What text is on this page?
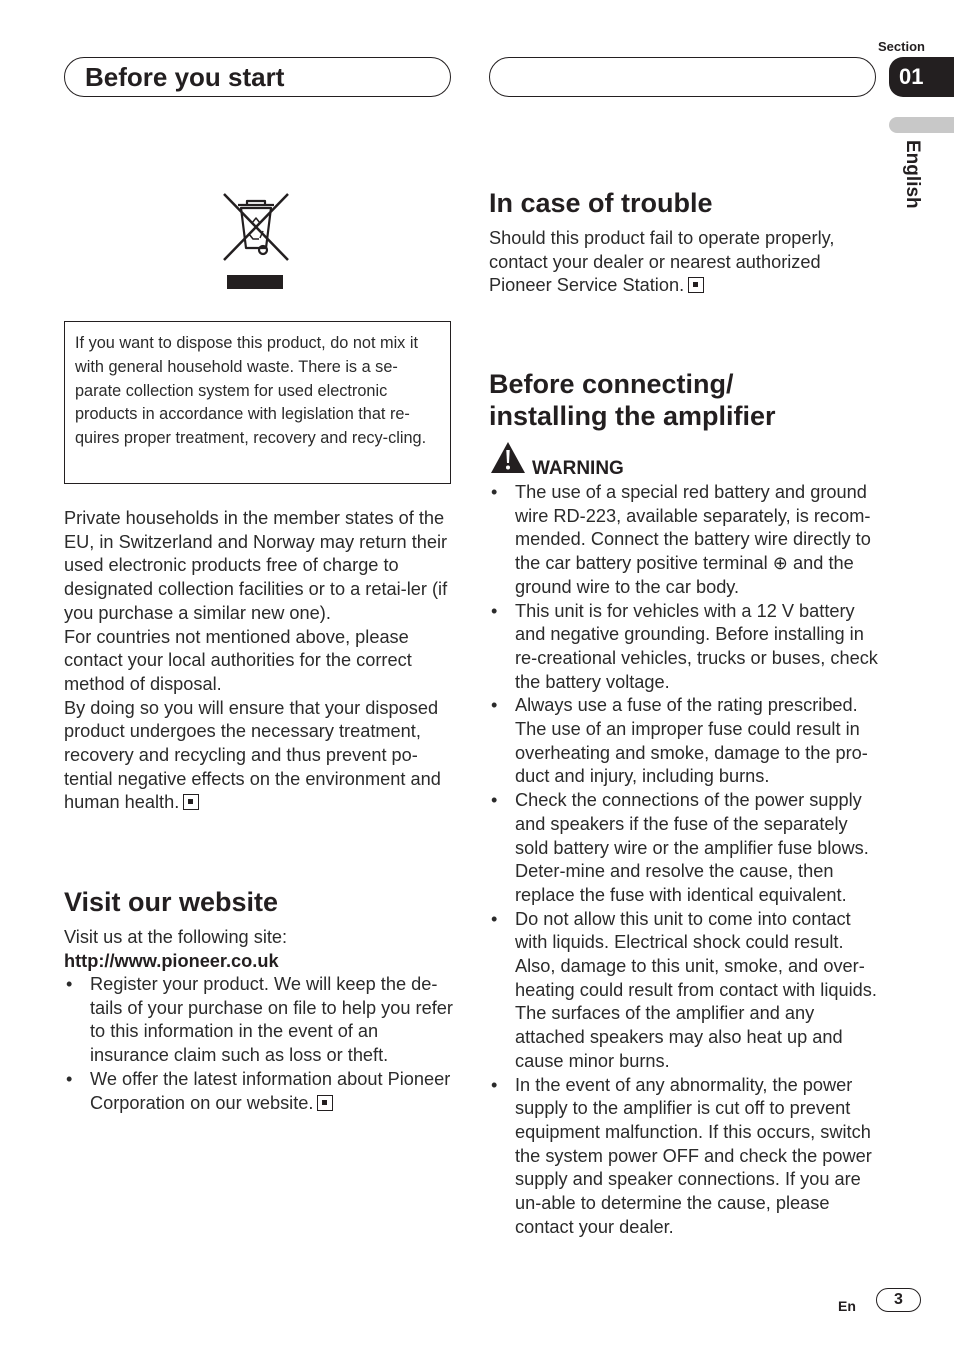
Before you start
Section
01
English

If you want to dispose this product, do not mix it with general household waste. There is a se-parate collection system for used electronic products in accordance with legislation that re-quires proper treatment, recovery and recy-cling.

Private households in the member states of the EU, in Switzerland and Norway may return their used electronic products free of charge to designated collection facilities or to a retai-ler (if you purchase a similar new one).

For countries not mentioned above, please contact your local authorities for the correct method of disposal.

By doing so you will ensure that your disposed product undergoes the necessary treatment, recovery and recycling and thus prevent po-tential negative effects on the environment and human health.

Visit our website

Visit us at the following site:

http://www.pioneer.co.uk

• Register your product. We will keep the de-tails of your purchase on file to help you refer to this information in the event of an insurance claim such as loss or theft.
• We offer the latest information about Pioneer Corporation on our website.
In case of trouble

Should this product fail to operate properly, contact your dealer or nearest authorized Pioneer Service Station.

Before connecting/
installing the amplifier
WARNING
• The use of a special red battery and ground wire RD-223, available separately, is recom-mended. Connect the battery wire directly to the car battery positive terminal ⊕ and the ground wire to the car body.
• This unit is for vehicles with a 12 V battery and negative grounding. Before installing in re-creational vehicles, trucks or buses, check the battery voltage.
• Always use a fuse of the rating prescribed. The use of an improper fuse could result in overheating and smoke, damage to the pro-duct and injury, including burns.
• Check the connections of the power supply and speakers if the fuse of the separately sold battery wire or the amplifier fuse blows. Deter-mine and resolve the cause, then replace the fuse with identical equivalent.
• Do not allow this unit to come into contact with liquids. Electrical shock could result. Also, damage to this unit, smoke, and over-heating could result from contact with liquids. The surfaces of the amplifier and any attached speakers may also heat up and cause minor burns.
• In the event of any abnormality, the power supply to the amplifier is cut off to prevent equipment malfunction. If this occurs, switch the system power OFF and check the power supply and speaker connections. If you are un-able to determine the cause, please contact your dealer.
En	3
